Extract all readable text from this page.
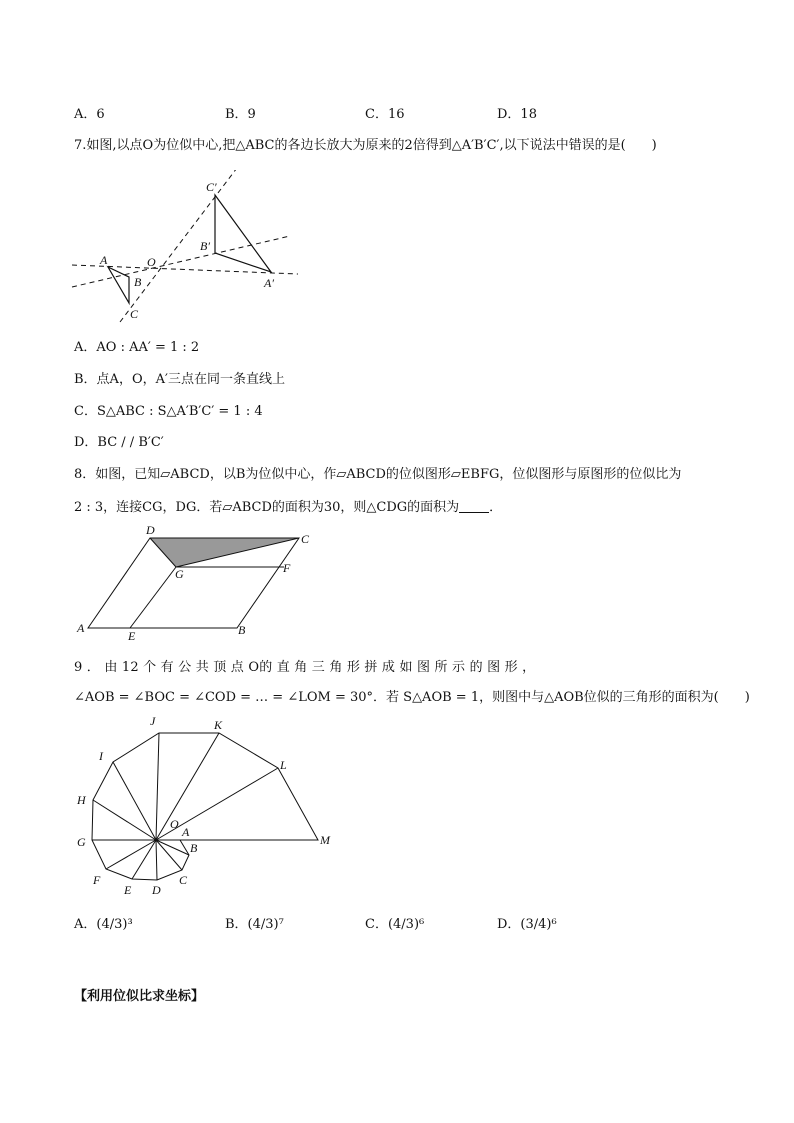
A．6	B．9	C．16	D．18
7.如图,以点O为位似中心,把△ABC的各边长放大为原来的2倍得到△A′B′C′,以下说法中错误的是(　　)
A
B
C
O
A′
B′
C′
A．AO : AA′ = 1 : 2
B．点A，O，A′三点在同一条直线上
C．S△ABC : S△A′B′C′ = 1 : 4
D．BC / / B′C′
8．如图，已知▱ABCD，以B为位似中心，作▱ABCD的位似图形▱EBFG，位似图形与原图形的位似比为
2 : 3，连接CG，DG．若▱ABCD的面积为30，则△CDG的面积为 ．
A	B
C
D
E
F
G
9 ． 由 12 个 有 公 共 顶 点 O的 直 角 三 角 形 拼 成 如 图 所 示 的 图 形 ，
∠AOB = ∠BOC = ∠COD = … = ∠LOM = 30°．若 S△AOB = 1，则图中与△AOB位似的三角形的面积为(　　)
A
B
C
D
E
F
G
H
I
J	K
L
M
O
A．(4/3)³	B．(4/3)⁷	C．(4/3)⁶	D．(3/4)⁶
【利用位似比求坐标】
